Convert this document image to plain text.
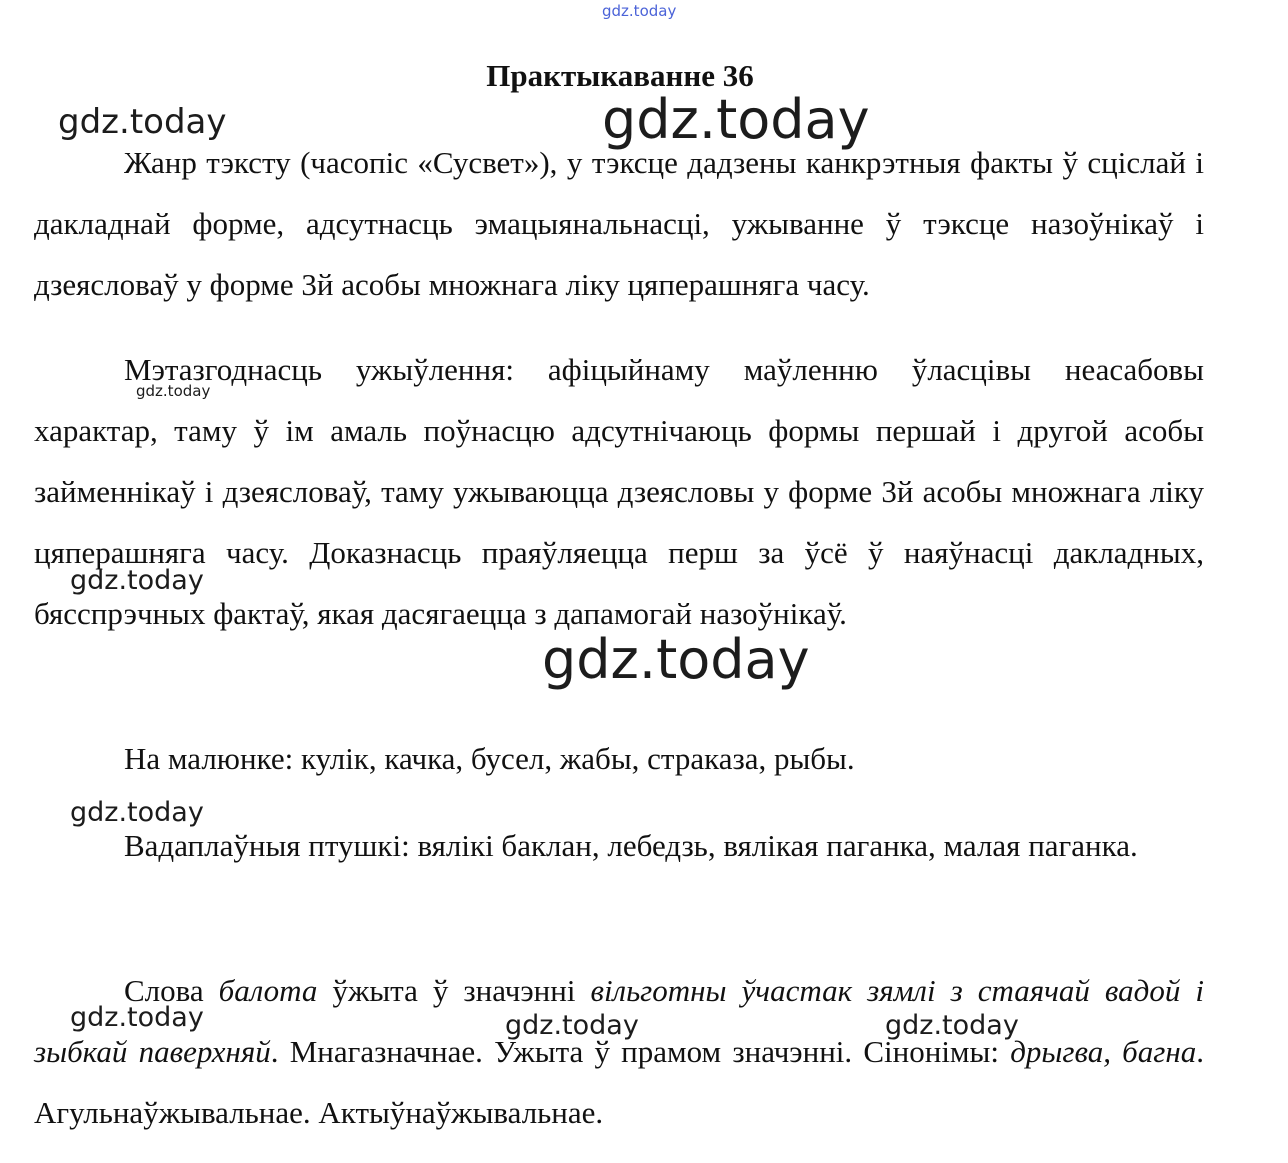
gdz.today
Практыкаванне 36
Жанр тэксту (часопіс «Сусвет»), у тэксце дадзены канкрэтныя факты ў сціслай і дакладнай форме, адсутнасць эмацыянальнасці, ужыванне ў тэксце назоўнікаў і дзеясловаў у форме 3й асобы множнага ліку цяперашняга часу.
Мэтазгоднасць ужыўлення: афіцыйнаму маўленню ўласцівы неасабовы характар, таму ў ім амаль поўнасцю адсутнічаюць формы першай і другой асобы займеннікаў і дзеясловаў, таму ужываюцца дзеясловы у форме 3й асобы множнага ліку цяперашняга часу. Доказнасць праяўляецца перш за ўсё ў наяўнасці дакладных, бясспрэчных фактаў, якая дасягаецца з дапамогай назоўнікаў.
На малюнке: кулік, качка, бусел, жабы, страказа, рыбы.
Вадаплаўныя птушкі: вялікі баклан, лебедзь, вялікая паганка, малая паганка.
Слова балота ўжыта ў значэнні вільготны ўчастак зямлі з стаячай вадой і зыбкай паверхняй. Мнагазначнае. Ужыта ў прамом значэнні. Сінонімы: дрыгва, багна. Агульнаўжывальнае. Актыўнаўжывальнае.
gdz.today	gdz.today
gdz.today
gdz.today
gdz.today
gdz.today
gdz.today	gdz.today	gdz.today
